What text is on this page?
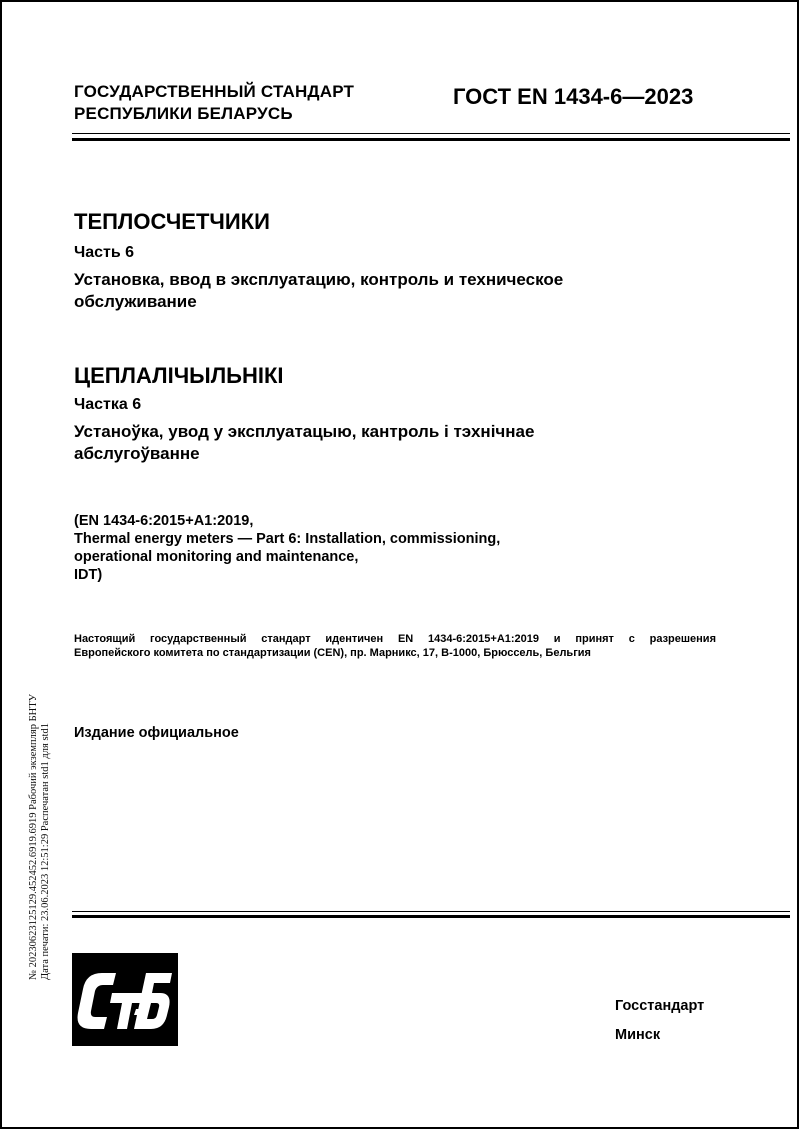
ГОСУДАРСТВЕННЫЙ СТАНДАРТ
РЕСПУБЛИКИ БЕЛАРУСЬ
ГОСТ EN 1434-6—2023
ТЕПЛОСЧЕТЧИКИ
Часть 6
Установка, ввод в эксплуатацию, контроль и техническое
обслуживание
ЦЕПЛАЛІЧЫЛЬНІКІ
Частка 6
Устаноўка, увод у эксплуатацыю, кантроль і тэхнічнае
абслугоўванне
(EN 1434-6:2015+A1:2019,
Thermal energy meters — Part 6: Installation, commissioning,
operational monitoring and maintenance,
IDT)
Настоящий государственный стандарт идентичен EN 1434-6:2015+A1:2019 и принят с разрешения
Европейского комитета по стандартизации (CEN), пр. Марникс, 17, B-1000, Брюссель, Бельгия
Издание официальное
Госстандарт
Минск
№ 20230623125129.452452.6919.6919 Рабочий экземпляр БНТУ Дата печати: 23.06.2023 12:51:29 Распечатан std1 для std1
